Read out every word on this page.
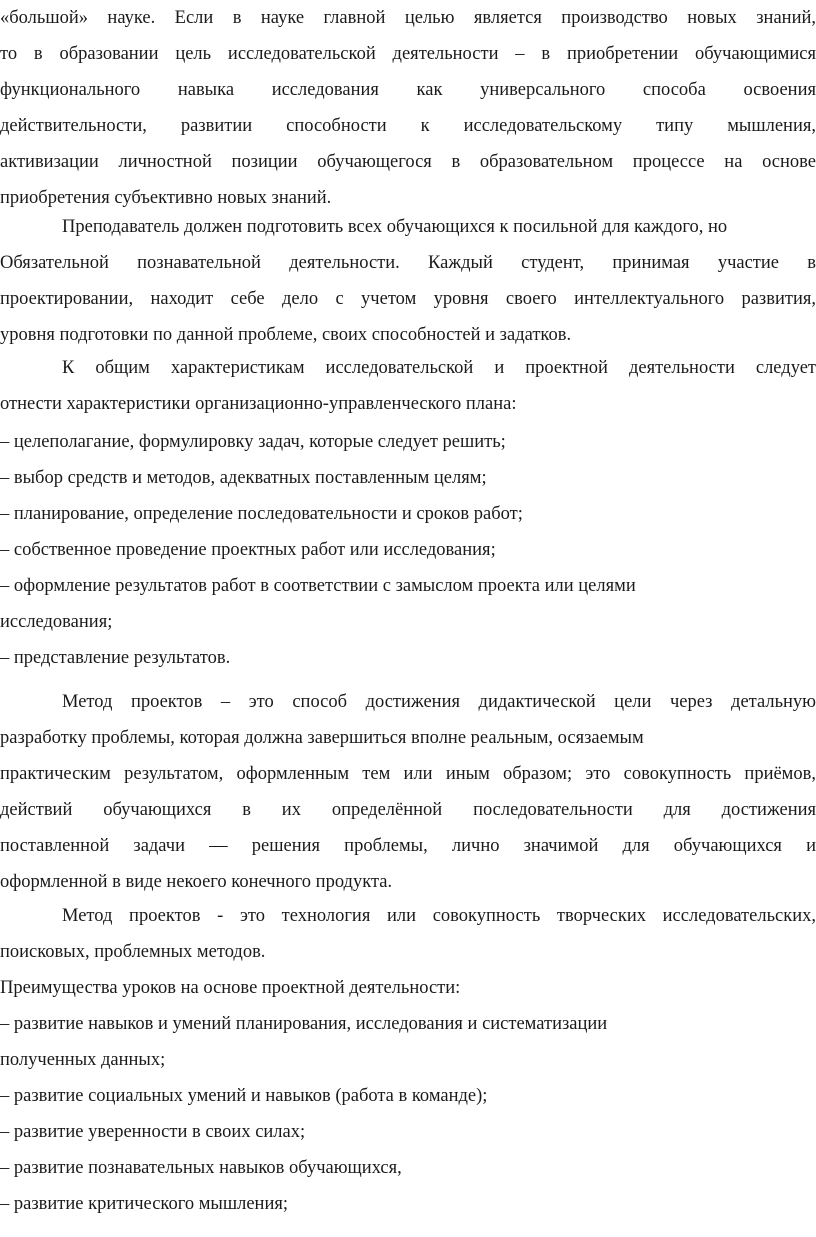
«большой» науке. Если в науке главной целью является производство новых знаний,
то в образовании цель исследовательской деятельности – в приобретении обучающимися
функционального навыка исследования как универсального способа освоения
действительности, развитии способности к исследовательскому типу мышления,
активизации личностной позиции обучающегося в образовательном процессе на основе
приобретения субъективно новых знаний.
Преподаватель должен подготовить всех обучающихся к посильной для каждого, но
Обязательной познавательной деятельности. Каждый студент, принимая участие в
проектировании, находит себе дело с учетом уровня своего интеллектуального развития,
уровня подготовки по данной проблеме, своих способностей и задатков.
К общим характеристикам исследовательской и проектной деятельности следует
отнести характеристики организационно-управленческого плана:
– целеполагание, формулировку задач, которые следует решить;
– выбор средств и методов, адекватных поставленным целям;
– планирование, определение последовательности и сроков работ;
– собственное проведение проектных работ или исследования;
– оформление результатов работ в соответствии с замыслом проекта или целями
исследования;
– представление результатов.
Метод проектов – это способ достижения дидактической цели через детальную
разработку проблемы, которая должна завершиться вполне реальным, осязаемым
практическим результатом, оформленным тем или иным образом; это совокупность приёмов,
действий обучающихся в их определённой последовательности для достижения
поставленной задачи — решения проблемы, лично значимой для обучающихся и
оформленной в виде некоего конечного продукта.
Метод проектов - это технология или совокупность творческих исследовательских,
поисковых, проблемных методов.
Преимущества уроков на основе проектной деятельности:
– развитие навыков и умений планирования, исследования и систематизации
полученных данных;
– развитие социальных умений и навыков (работа в команде);
– развитие уверенности в своих силах;
– развитие познавательных навыков обучающихся,
– развитие критического мышления;
